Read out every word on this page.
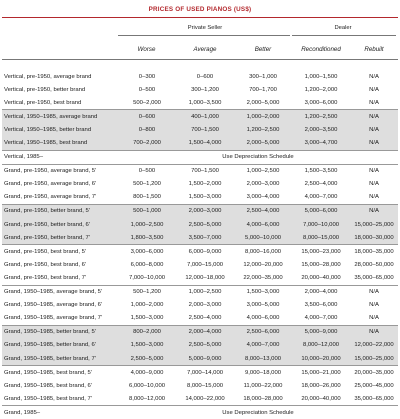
PRICES OF USED PIANOS (US$)
Private Seller	Dealer
Worse	Average	Better	Reconditioned	Rebuilt
Vertical, pre-1950, average brand	0–300	0–600	300–1,000	1,000–1,500	N/A
Vertical, pre-1950, better brand	0–500	300–1,200	700–1,700	1,200–2,000	N/A
Vertical, pre-1950, best brand	500–2,000	1,000–3,500	2,000–5,000	3,000–6,000	N/A
Vertical, 1950–1985, average brand	0–600	400–1,000	1,000–2,000	1,200–2,500	N/A
Vertical, 1950–1985, better brand	0–800	700–1,500	1,200–2,500	2,000–3,500	N/A
Vertical, 1950–1985, best brand	700–2,000	1,500–4,000	2,000–5,000	3,000–4,700	N/A
Vertical, 1985–	Use Depreciation Schedule				
Grand, pre-1950, average brand, 5′	0–500	700–1,500	1,000–2,500	1,500–3,500	N/A
Grand, pre-1950, average brand, 6′	500–1,200	1,500–2,000	2,000–3,000	2,500–4,000	N/A
Grand, pre-1950, average brand, 7′	800–1,500	1,500–3,000	3,000–4,000	4,000–7,000	N/A
Grand, pre-1950, better brand, 5′	500–1,000	2,000–3,000	2,500–4,000	5,000–6,000	N/A
Grand, pre-1950, better brand, 6′	1,000–2,500	2,500–5,000	4,000–6,000	7,000–10,000	15,000–25,000
Grand, pre-1950, better brand, 7′	1,800–3,500	3,500–7,000	5,000–10,000	8,000–15,000	18,000–30,000
Grand, pre-1950, best brand, 5′	3,000–6,000	6,000–9,000	8,000–16,000	15,000–23,000	18,000–35,000
Grand, pre-1950, best brand, 6′	6,000–8,000	7,000–15,000	12,000–20,000	15,000–28,000	28,000–50,000
Grand, pre-1950, best brand, 7′	7,000–10,000	12,000–18,000	22,000–35,000	20,000–40,000	35,000–65,000
Grand, 1950–1985, average brand, 5′	500–1,200	1,000–2,500	1,500–3,000	2,000–4,000	N/A
Grand, 1950–1985, average brand, 6′	1,000–2,000	2,000–3,000	3,000–5,000	3,500–6,000	N/A
Grand, 1950–1985, average brand, 7′	1,500–3,000	2,500–4,000	4,000–6,000	4,000–7,000	N/A
Grand, 1950–1985, better brand, 5′	800–2,000	2,000–4,000	2,500–6,000	5,000–9,000	N/A
Grand, 1950–1985, better brand, 6′	1,500–3,000	2,500–5,000	4,000–7,000	8,000–12,000	12,000–22,000
Grand, 1950–1985, better brand, 7′	2,500–5,000	5,000–9,000	8,000–13,000	10,000–20,000	15,000–25,000
Grand, 1950–1985, best brand, 5′	4,000–9,000	7,000–14,000	9,000–18,000	15,000–21,000	20,000–35,000
Grand, 1950–1985, best brand, 6′	6,000–10,000	8,000–15,000	11,000–22,000	18,000–26,000	25,000–45,000
Grand, 1950–1985, best brand, 7′	8,000–12,000	14,000–22,000	18,000–28,000	20,000–40,000	35,000–65,000
Grand, 1985–	Use Depreciation Schedule				
